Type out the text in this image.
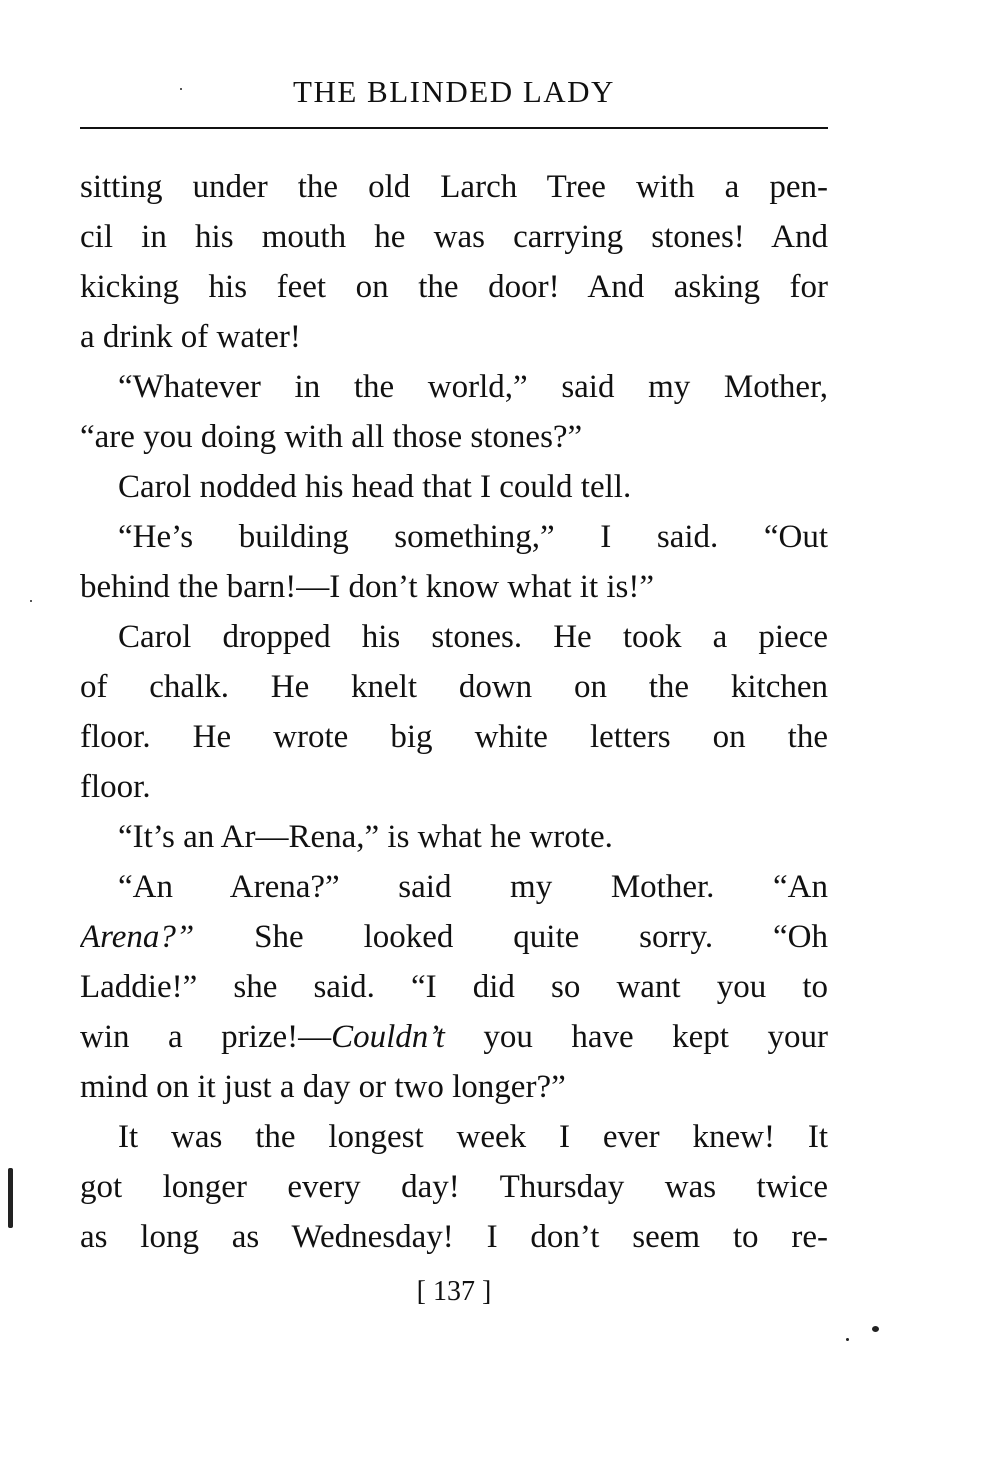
THE BLINDED LADY
sitting under the old Larch Tree with a pen-
cil in his mouth he was carrying stones! And
kicking his feet on the door! And asking for
a drink of water!
“Whatever in the world,” said my Mother,
“are you doing with all those stones?”
Carol nodded his head that I could tell.
“He’s building something,” I said. “Out
behind the barn!—I don’t know what it is!”
Carol dropped his stones. He took a piece
of chalk. He knelt down on the kitchen
floor. He wrote big white letters on the
floor.
“It’s an Ar—Rena,” is what he wrote.
“An Arena?” said my Mother. “An
Arena?” She looked quite sorry. “Oh
Laddie!” she said. “I did so want you to
win a prize!—Couldn’t you have kept your
mind on it just a day or two longer?”
It was the longest week I ever knew! It
got longer every day! Thursday was twice
as long as Wednesday! I don’t seem to re-
[ 137 ]
